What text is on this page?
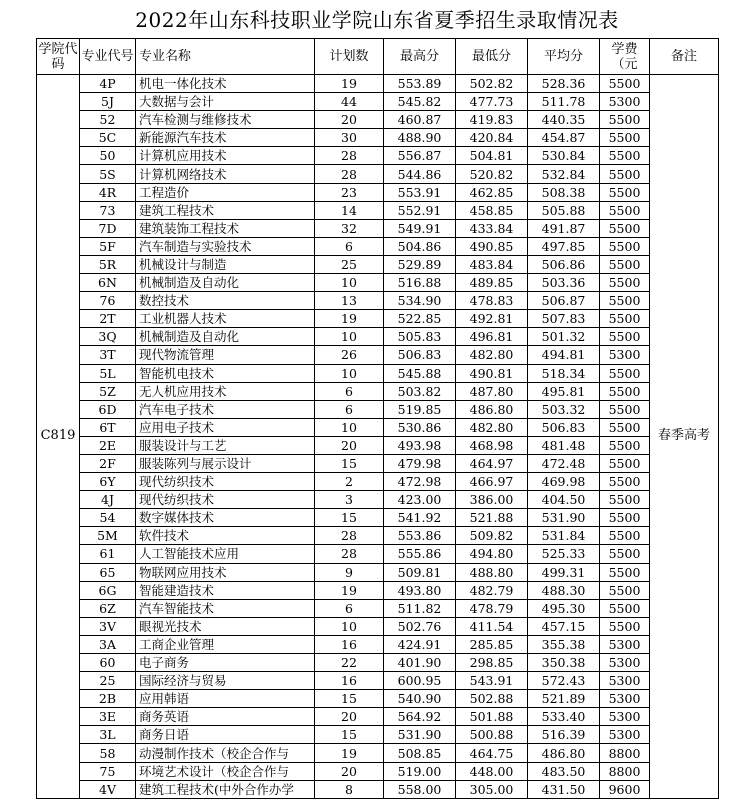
2022年山东科技职业学院山东省夏季招生录取情况表
学院代码	专业代号	专业名称	计划数	最高分	最低分	平均分	学费（元	备注
C819	4P	机电一体化技术	19	553.89	502.82	528.36	5500	春季高考
	5J	大数据与会计	44	545.82	477.73	511.78	5300	
	52	汽车检测与维修技术	20	460.87	419.83	440.35	5500	
	5C	新能源汽车技术	30	488.90	420.84	454.87	5500	
	50	计算机应用技术	28	556.87	504.81	530.84	5500	
	5S	计算机网络技术	28	544.86	520.82	532.84	5500	
	4R	工程造价	23	553.91	462.85	508.38	5500	
	73	建筑工程技术	14	552.91	458.85	505.88	5500	
	7D	建筑装饰工程技术	32	549.91	433.84	491.87	5500	
	5F	汽车制造与实验技术	6	504.86	490.85	497.85	5500	
	5R	机械设计与制造	25	529.89	483.84	506.86	5500	
	6N	机械制造及自动化	10	516.88	489.85	503.36	5500	
	76	数控技术	13	534.90	478.83	506.87	5500	
	2T	工业机器人技术	19	522.85	492.81	507.83	5500	
	3Q	机械制造及自动化	10	505.83	496.81	501.32	5500	
	3T	现代物流管理	26	506.83	482.80	494.81	5300	
	5L	智能机电技术	10	545.88	490.81	518.34	5500	
	5Z	无人机应用技术	6	503.82	487.80	495.81	5500	
	6D	汽车电子技术	6	519.85	486.80	503.32	5500	
	6T	应用电子技术	10	530.86	482.80	506.83	5500	
	2E	服装设计与工艺	20	493.98	468.98	481.48	5500	
	2F	服装陈列与展示设计	15	479.98	464.97	472.48	5500	
	6Y	现代纺织技术	2	472.98	466.97	469.98	5500	
	4J	现代纺织技术	3	423.00	386.00	404.50	5500	
	54	数字媒体技术	15	541.92	521.88	531.90	5500	
	5M	软件技术	28	553.86	509.82	531.84	5500	
	61	人工智能技术应用	28	555.86	494.80	525.33	5500	
	65	物联网应用技术	9	509.81	488.80	499.31	5500	
	6G	智能建造技术	19	493.80	482.79	488.30	5500	
	6Z	汽车智能技术	6	511.82	478.79	495.30	5500	
	3V	眼视光技术	10	502.76	411.54	457.15	5500	
	3A	工商企业管理	16	424.91	285.85	355.38	5300	
	60	电子商务	22	401.90	298.85	350.38	5300	
	25	国际经济与贸易	16	600.95	543.91	572.43	5300	
	2B	应用韩语	15	540.90	502.88	521.89	5300	
	3E	商务英语	20	564.92	501.88	533.40	5300	
	3L	商务日语	15	531.90	500.88	516.39	5300	
	58	动漫制作技术（校企合作与	19	508.85	464.75	486.80	8800	
	75	环境艺术设计（校企合作与	20	519.00	448.00	483.50	8800	
	4V	建筑工程技术(中外合作办学	8	558.00	305.00	431.50	9600	
